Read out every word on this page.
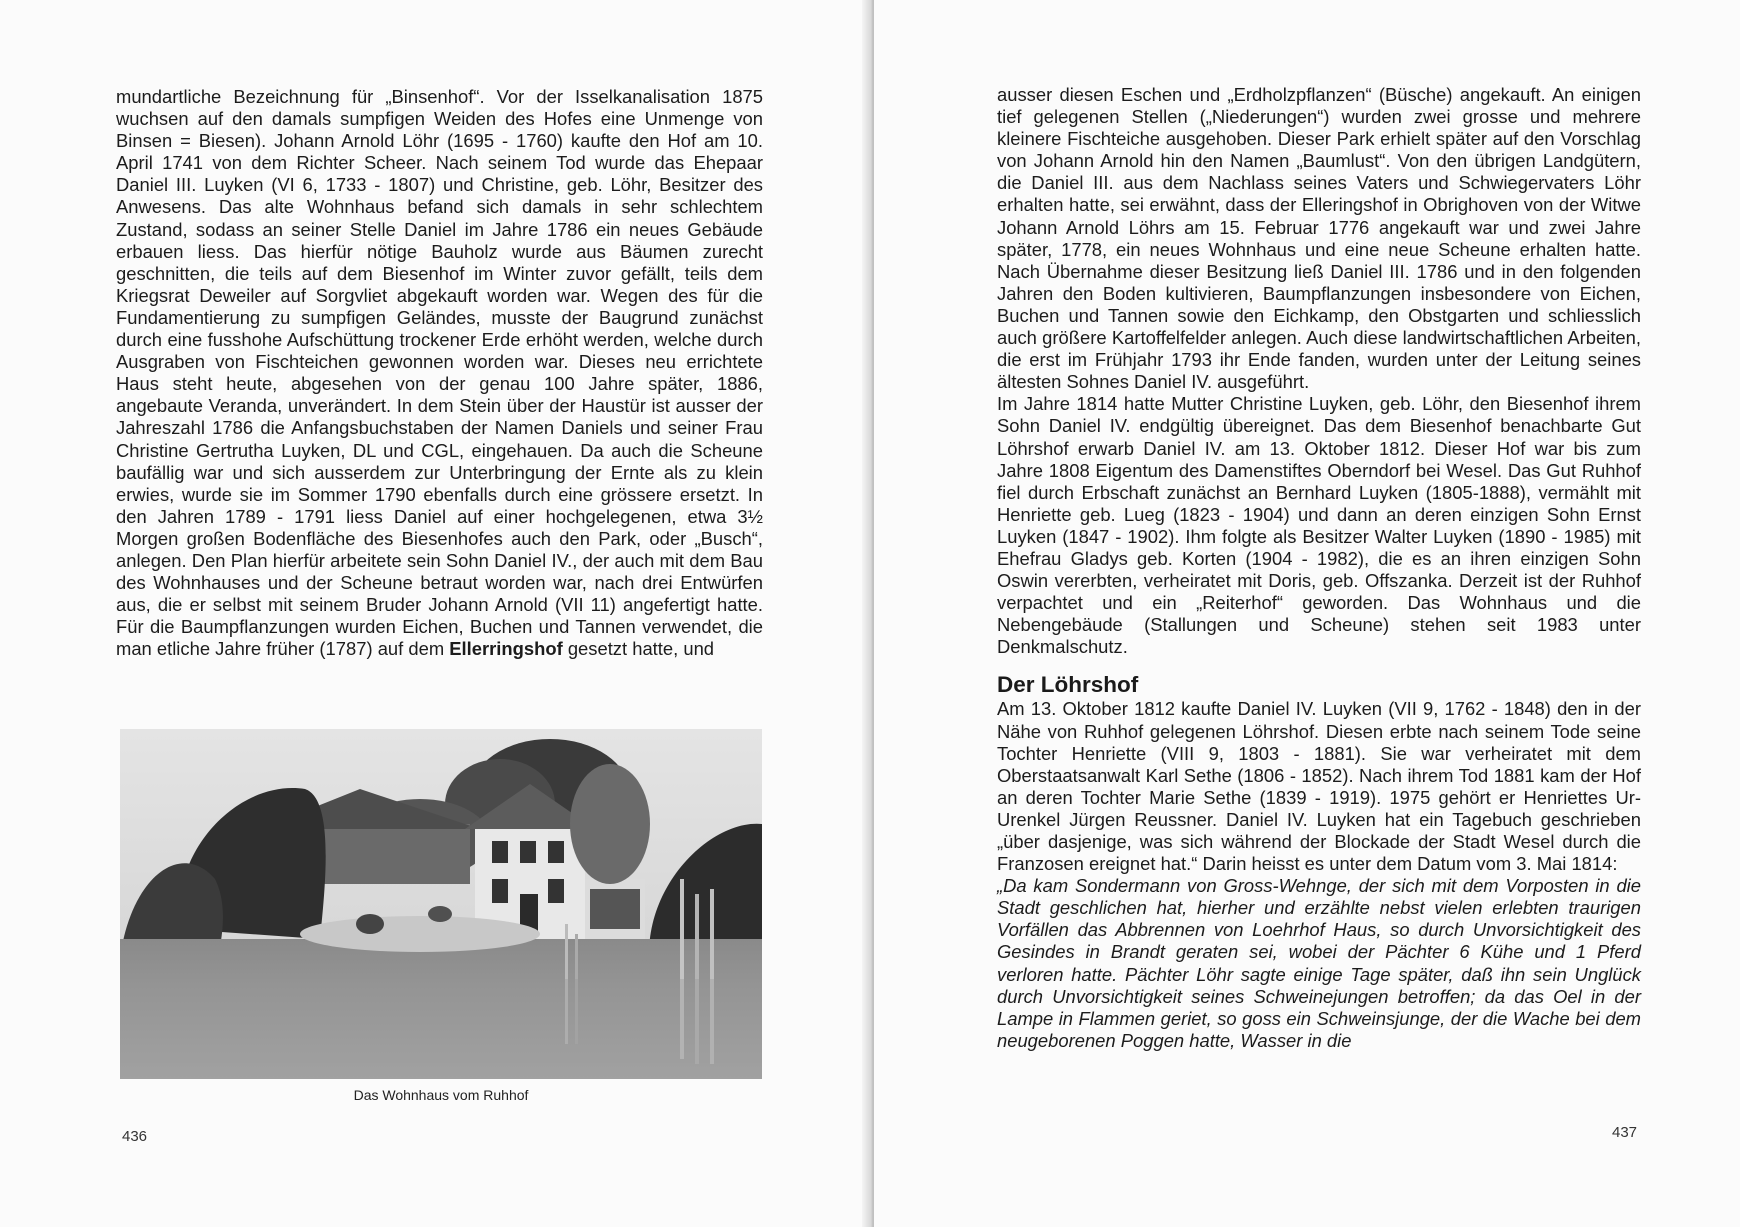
mundartliche Bezeichnung für „Binsenhof“. Vor der Isselkanalisation 1875 wuchsen auf den damals sumpfigen Weiden des Hofes eine Unmenge von Binsen = Biesen). Johann Arnold Löhr (1695 - 1760) kaufte den Hof am 10. April 1741 von dem Richter Scheer. Nach seinem Tod wurde das Ehepaar Daniel III. Luyken (VI 6, 1733 - 1807) und Christine, geb. Löhr, Besitzer des Anwesens. Das alte Wohnhaus befand sich damals in sehr schlechtem Zustand, sodass an seiner Stelle Daniel im Jahre 1786 ein neues Gebäude erbauen liess. Das hierfür nötige Bauholz wurde aus Bäumen zurecht geschnitten, die teils auf dem Biesenhof im Winter zuvor gefällt, teils dem Kriegsrat Deweiler auf Sorgvliet abgekauft worden war. Wegen des für die Fundamentierung zu sumpfigen Geländes, musste der Baugrund zunächst durch eine fusshohe Aufschüttung trockener Erde erhöht werden, welche durch Ausgraben von Fischteichen gewonnen worden war. Dieses neu errichtete Haus steht heute, abgesehen von der genau 100 Jahre später, 1886, angebaute Veranda, unverändert. In dem Stein über der Haustür ist ausser der Jahreszahl 1786 die Anfangsbuchstaben der Namen Daniels und seiner Frau Christine Gertrutha Luyken, DL und CGL, eingehauen. Da auch die Scheune baufällig war und sich ausserdem zur Unterbringung der Ernte als zu klein erwies, wurde sie im Sommer 1790 ebenfalls durch eine grössere ersetzt. In den Jahren 1789 - 1791 liess Daniel auf einer hochgelegenen, etwa 3½ Morgen großen Bodenfläche des Biesenhofes auch den Park, oder „Busch“, anlegen. Den Plan hierfür arbeitete sein Sohn Daniel IV., der auch mit dem Bau des Wohnhauses und der Scheune betraut worden war, nach drei Entwürfen aus, die er selbst mit seinem Bruder Johann Arnold (VII 11) angefertigt hatte. Für die Baumpflanzungen wurden Eichen, Buchen und Tannen verwendet, die man etliche Jahre früher (1787) auf dem Ellerringshof gesetzt hatte, und

Das Wohnhaus vom Ruhhof
436

ausser diesen Eschen und „Erdholzpflanzen“ (Büsche) angekauft. An einigen tief gelegenen Stellen („Niederungen“) wurden zwei grosse und mehrere kleinere Fischteiche ausgehoben. Dieser Park erhielt später auf den Vorschlag von Johann Arnold hin den Namen „Baumlust“. Von den übrigen Landgütern, die Daniel III. aus dem Nachlass seines Vaters und Schwiegervaters Löhr erhalten hatte, sei erwähnt, dass der Elleringshof in Obrighoven von der Witwe Johann Arnold Löhrs am 15. Februar 1776 angekauft war und zwei Jahre später, 1778, ein neues Wohnhaus und eine neue Scheune erhalten hatte. Nach Übernahme dieser Besitzung ließ Daniel III. 1786 und in den folgenden Jahren den Boden kultivieren, Baumpflanzungen insbesondere von Eichen, Buchen und Tannen sowie den Eichkamp, den Obstgarten und schliesslich auch größere Kartoffelfelder anlegen. Auch diese landwirtschaftlichen Arbeiten, die erst im Frühjahr 1793 ihr Ende fanden, wurden unter der Leitung seines ältesten Sohnes Daniel IV. ausgeführt.

Im Jahre 1814 hatte Mutter Christine Luyken, geb. Löhr, den Biesenhof ihrem Sohn Daniel IV. endgültig übereignet. Das dem Biesenhof benachbarte Gut Löhrshof erwarb Daniel IV. am 13. Oktober 1812. Dieser Hof war bis zum Jahre 1808 Eigentum des Damenstiftes Oberndorf bei Wesel. Das Gut Ruhhof fiel durch Erbschaft zunächst an Bernhard Luyken (1805-1888), vermählt mit Henriette geb. Lueg (1823 - 1904) und dann an deren einzigen Sohn Ernst Luyken (1847 - 1902). Ihm folgte als Besitzer Walter Luyken (1890 - 1985) mit Ehefrau Gladys geb. Korten (1904 - 1982), die es an ihren einzigen Sohn Oswin vererbten, verheiratet mit Doris, geb. Offszanka. Derzeit ist der Ruhhof verpachtet und ein „Reiterhof“ geworden. Das Wohnhaus und die Nebengebäude (Stallungen und Scheune) stehen seit 1983 unter Denkmalschutz.

Der Löhrshof

Am 13. Oktober 1812 kaufte Daniel IV. Luyken (VII 9, 1762 - 1848) den in der Nähe von Ruhhof gelegenen Löhrshof. Diesen erbte nach seinem Tode seine Tochter Henriette (VIII 9, 1803 - 1881). Sie war verheiratet mit dem Oberstaatsanwalt Karl Sethe (1806 - 1852). Nach ihrem Tod 1881 kam der Hof an deren Tochter Marie Sethe (1839 - 1919). 1975 gehört er Henriettes Ur-Urenkel Jürgen Reussner. Daniel IV. Luyken hat ein Tagebuch geschrieben „über dasjenige, was sich während der Blockade der Stadt Wesel durch die Franzosen ereignet hat.“ Darin heisst es unter dem Datum vom 3. Mai 1814:

„Da kam Sondermann von Gross-Wehnge, der sich mit dem Vorposten in die Stadt geschlichen hat, hierher und erzählte nebst vielen erlebten traurigen Vorfällen das Abbrennen von Loehrhof Haus, so durch Unvorsichtigkeit des Gesindes in Brandt geraten sei, wobei der Pächter 6 Kühe und 1 Pferd verloren hatte. Pächter Löhr sagte einige Tage später, daß ihn sein Unglück durch Unvorsichtigkeit seines Schweinejungen betroffen; da das Oel in der Lampe in Flammen geriet, so goss ein Schweinsjunge, der die Wache bei dem neugeborenen Poggen hatte, Wasser in die

437
